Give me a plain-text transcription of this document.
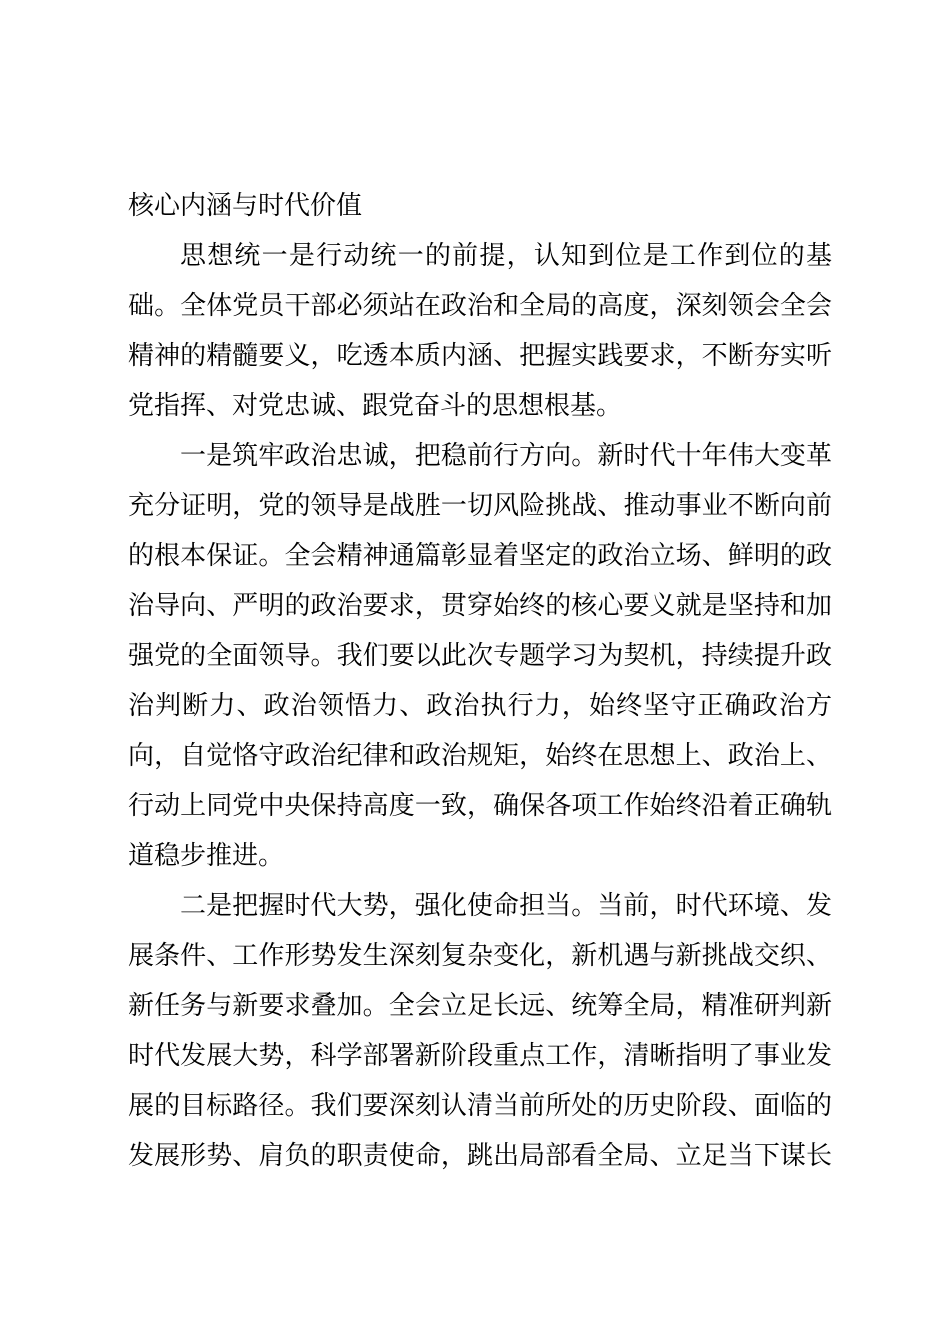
核心内涵与时代价值
思想统一是行动统一的前提，认知到位是工作到位的基
础。全体党员干部必须站在政治和全局的高度，深刻领会全会
精神的精髓要义，吃透本质内涵、把握实践要求，不断夯实听
党指挥、对党忠诚、跟党奋斗的思想根基。
一是筑牢政治忠诚，把稳前行方向。新时代十年伟大变革
充分证明，党的领导是战胜一切风险挑战、推动事业不断向前
的根本保证。全会精神通篇彰显着坚定的政治立场、鲜明的政
治导向、严明的政治要求，贯穿始终的核心要义就是坚持和加
强党的全面领导。我们要以此次专题学习为契机，持续提升政
治判断力、政治领悟力、政治执行力，始终坚守正确政治方
向，自觉恪守政治纪律和政治规矩，始终在思想上、政治上、
行动上同党中央保持高度一致，确保各项工作始终沿着正确轨
道稳步推进。
二是把握时代大势，强化使命担当。当前，时代环境、发
展条件、工作形势发生深刻复杂变化，新机遇与新挑战交织、
新任务与新要求叠加。全会立足长远、统筹全局，精准研判新
时代发展大势，科学部署新阶段重点工作，清晰指明了事业发
展的目标路径。我们要深刻认清当前所处的历史阶段、面临的
发展形势、肩负的职责使命，跳出局部看全局、立足当下谋长
